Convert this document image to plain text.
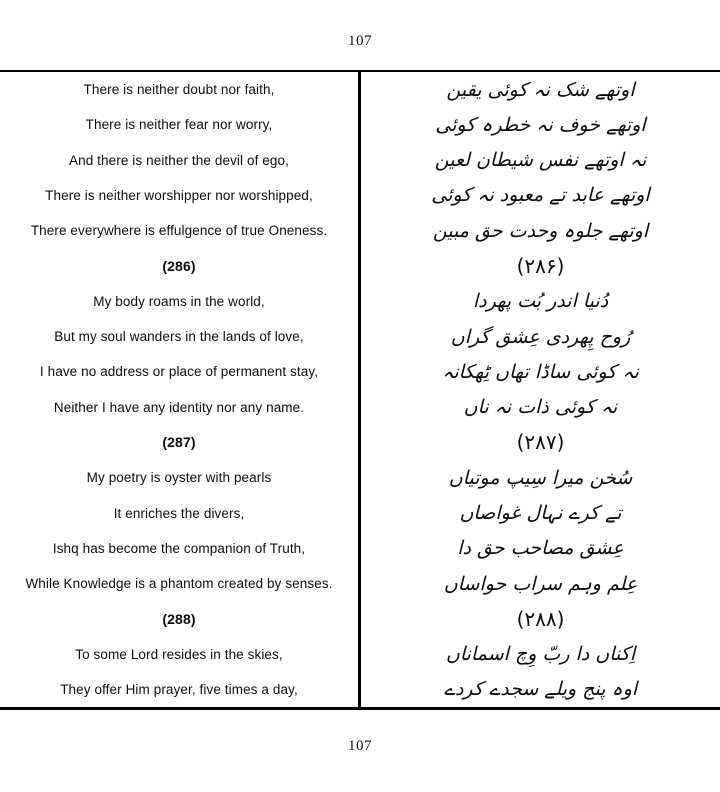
107
There is neither doubt nor faith,
There is neither fear nor worry,
And there is neither the devil of ego,
There is neither worshipper nor worshipped,
There everywhere is effulgence of true Oneness.
(286)
My body roams in the world,
But my soul wanders in the lands of love,
I have no address or place of permanent stay,
Neither I have any identity nor any name.
(287)
My poetry is oyster with pearls
It enriches the divers,
Ishq has become the companion of Truth,
While Knowledge is a phantom created by senses.
(288)
To some Lord resides in the skies,
They offer Him prayer, five times a day,
اوتھے شک نہ کوئی یقین
اوتھے خوف نہ خطرہ کوئی
نہ اوتھے نفس شیطان لعین
اوتھے عابد تے معبود نہ کوئی
اوتھے جلوہ وحدت حق مبین
(۲۸۶)
دُنیا اندر بُت پھردا
رُوح پِھردی عِشق گراں
نہ کوئی ساڈا تھاں ٹِھکانہ
نہ کوئی ذات نہ ناں
(۲۸۷)
سُخن میرا سِیپ موتیاں
تے کرے نہال غواصاں
عِشق مصاحب حق دا
عِلم وہم سراب حواساں
(۲۸۸)
اِکناں دا ربّ وِچ اسماناں
اوہ پنج ویلے سجدے کردے
107
